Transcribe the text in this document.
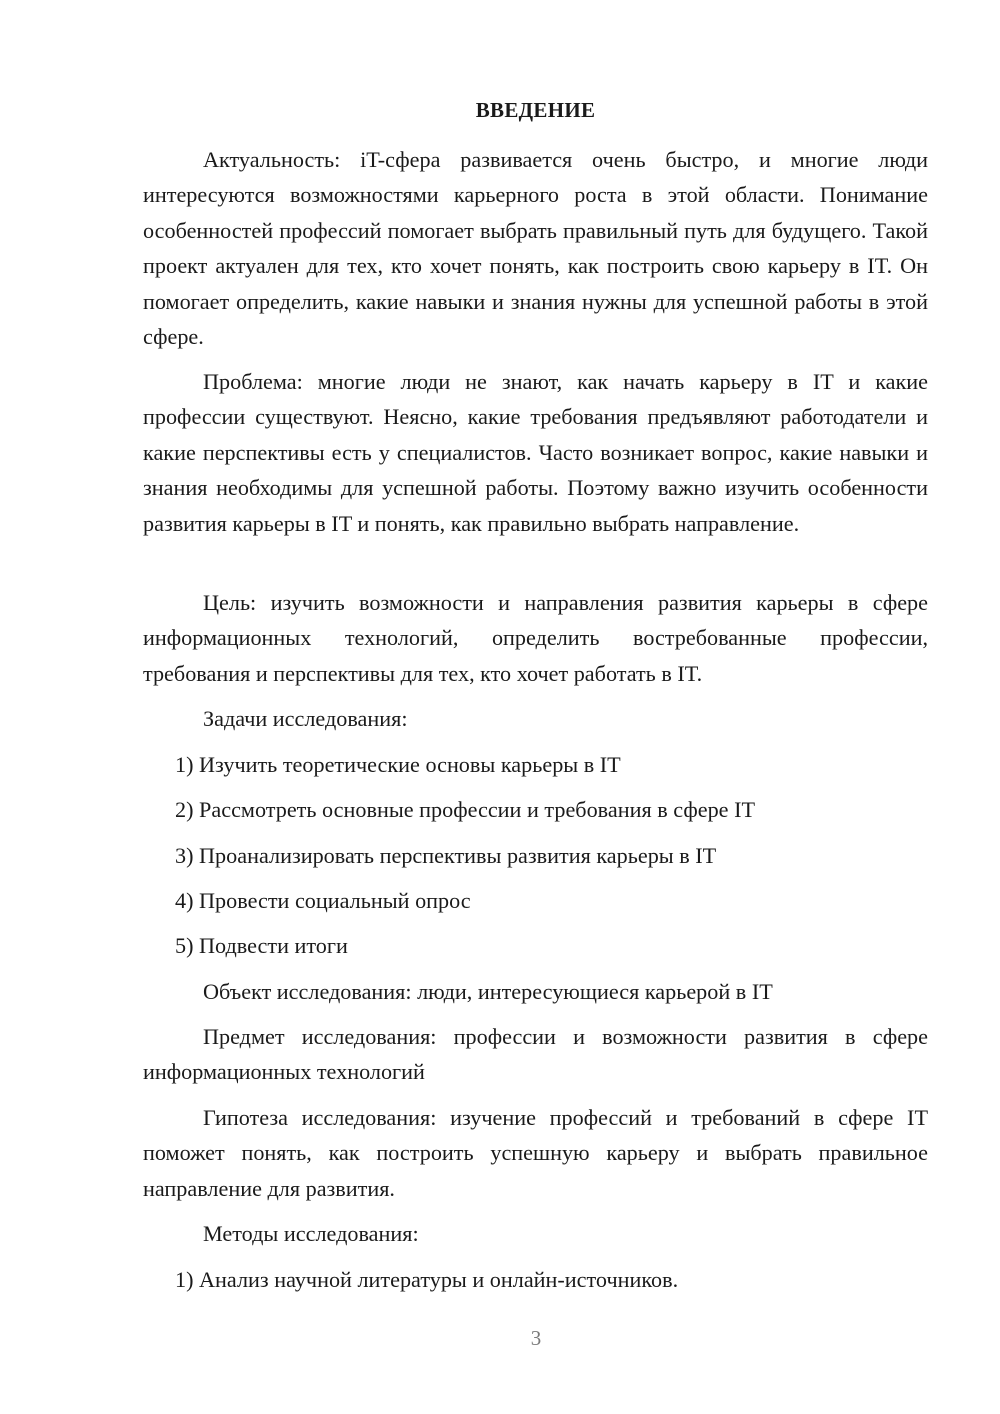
ВВЕДЕНИЕ

Актуальность: iT-сфера развивается очень быстро, и многие люди интересуются возможностями карьерного роста в этой области. Понимание особенностей профессий помогает выбрать правильный путь для будущего. Такой проект актуален для тех, кто хочет понять, как построить свою карьеру в IT. Он помогает определить, какие навыки и знания нужны для успешной работы в этой сфере.

Проблема: многие люди не знают, как начать карьеру в IT и какие профессии существуют. Неясно, какие требования предъявляют работодатели и какие перспективы есть у специалистов. Часто возникает вопрос, какие навыки и знания необходимы для успешной работы. Поэтому важно изучить особенности развития карьеры в IT и понять, как правильно выбрать направление.

Цель: изучить возможности и направления развития карьеры в сфере информационных технологий, определить востребованные профессии, требования и перспективы для тех, кто хочет работать в IT.

Задачи исследования:

1) Изучить теоретические основы карьеры в IT

2) Рассмотреть основные профессии и требования в сфере IT

3) Проанализировать перспективы развития карьеры в IT

4) Провести социальный опрос

5) Подвести итоги

Объект исследования: люди, интересующиеся карьерой в IT

Предмет исследования: профессии и возможности развития в сфере информационных технологий

Гипотеза исследования: изучение профессий и требований в сфере IT поможет понять, как построить успешную карьеру и выбрать правильное направление для развития.

Методы исследования:

1) Анализ научной литературы и онлайн-источников.

3
